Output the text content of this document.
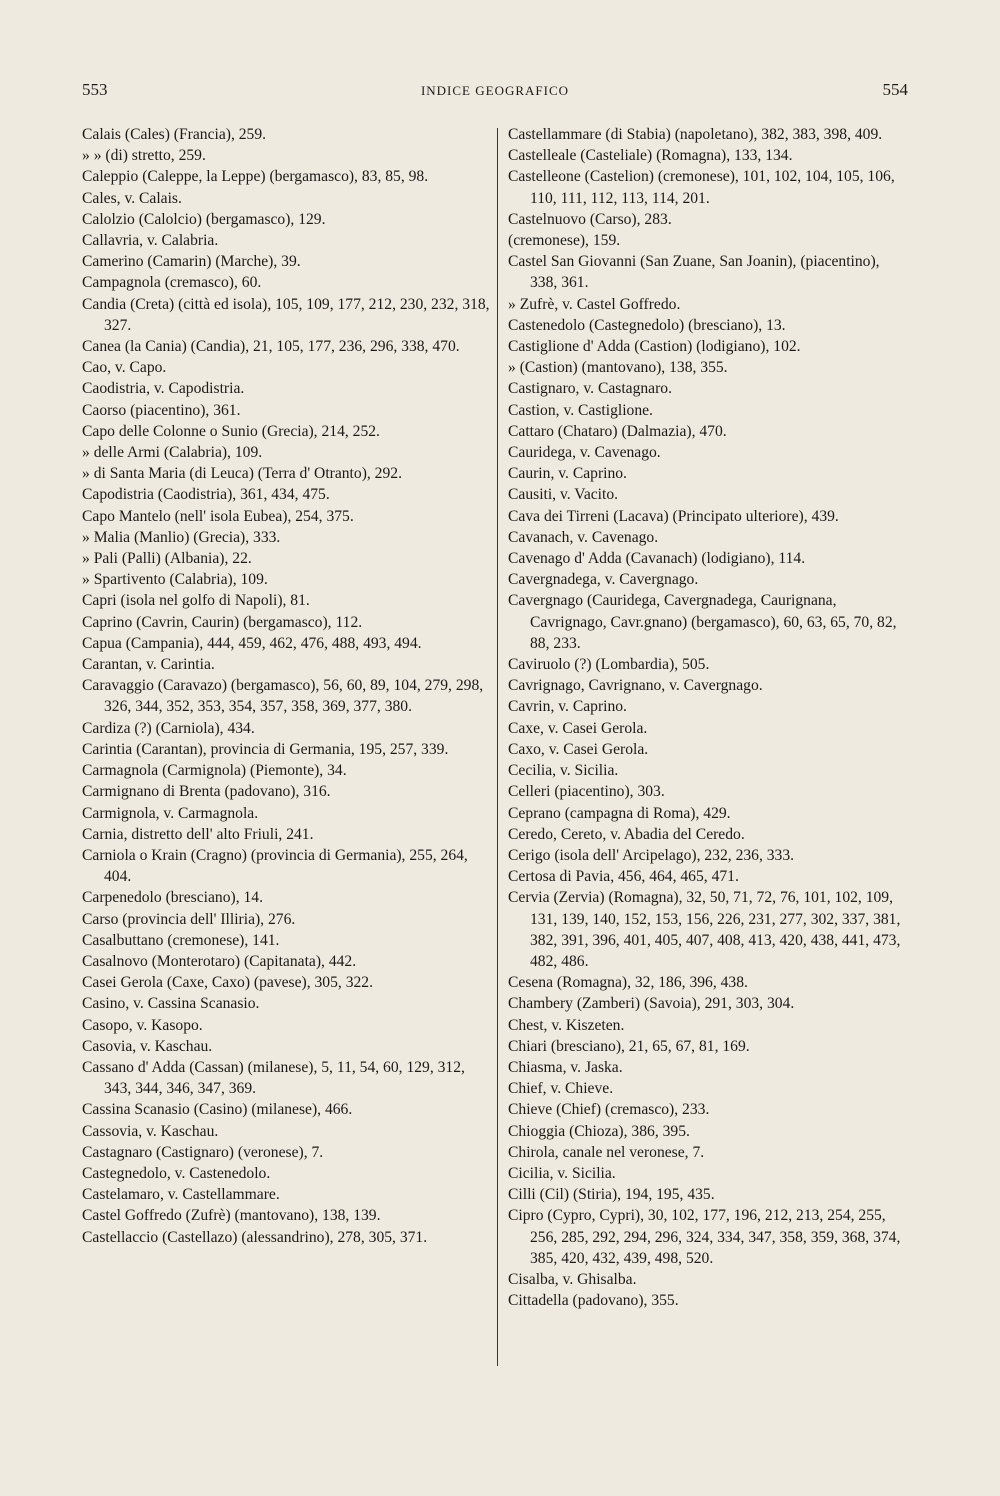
553	INDICE GEOGRAFICO	554

Calais (Cales) (Francia), 259.

» » (di) stretto, 259.

Caleppio (Caleppe, la Leppe) (bergamasco), 83, 85, 98.

Cales, v. Calais.

Calolzio (Calolcio) (bergamasco), 129.

Callavria, v. Calabria.

Camerino (Camarin) (Marche), 39.

Campagnola (cremasco), 60.

Candia (Creta) (città ed isola), 105, 109, 177, 212, 230, 232, 318, 327.

Canea (la Cania) (Candia), 21, 105, 177, 236, 296, 338, 470.

Cao, v. Capo.

Caodistria, v. Capodistria.

Caorso (piacentino), 361.

Capo delle Colonne o Sunio (Grecia), 214, 252.

» delle Armi (Calabria), 109.

» di Santa Maria (di Leuca) (Terra d' Otranto), 292.

Capodistria (Caodistria), 361, 434, 475.

Capo Mantelo (nell' isola Eubea), 254, 375.

» Malia (Manlio) (Grecia), 333.

» Pali (Palli) (Albania), 22.

» Spartivento (Calabria), 109.

Capri (isola nel golfo di Napoli), 81.

Caprino (Cavrin, Caurin) (bergamasco), 112.

Capua (Campania), 444, 459, 462, 476, 488, 493, 494.

Carantan, v. Carintia.

Caravaggio (Caravazo) (bergamasco), 56, 60, 89, 104, 279, 298, 326, 344, 352, 353, 354, 357, 358, 369, 377, 380.

Cardiza (?) (Carniola), 434.

Carintia (Carantan), provincia di Germania, 195, 257, 339.

Carmagnola (Carmignola) (Piemonte), 34.

Carmignano di Brenta (padovano), 316.

Carmignola, v. Carmagnola.

Carnia, distretto dell' alto Friuli, 241.

Carniola o Krain (Cragno) (provincia di Germania), 255, 264, 404.

Carpenedolo (bresciano), 14.

Carso (provincia dell' Illiria), 276.

Casalbuttano (cremonese), 141.

Casalnovo (Monterotaro) (Capitanata), 442.

Casei Gerola (Caxe, Caxo) (pavese), 305, 322.

Casino, v. Cassina Scanasio.

Casopo, v. Kasopo.

Casovia, v. Kaschau.

Cassano d' Adda (Cassan) (milanese), 5, 11, 54, 60, 129, 312, 343, 344, 346, 347, 369.

Cassina Scanasio (Casino) (milanese), 466.

Cassovia, v. Kaschau.

Castagnaro (Castignaro) (veronese), 7.

Castegnedolo, v. Castenedolo.

Castelamaro, v. Castellammare.

Castel Goffredo (Zufrè) (mantovano), 138, 139.

Castellaccio (Castellazo) (alessandrino), 278, 305, 371.

Castellammare (di Stabia) (napoletano), 382, 383, 398, 409.

Castelleale (Casteliale) (Romagna), 133, 134.

Castelleone (Castelion) (cremonese), 101, 102, 104, 105, 106, 110, 111, 112, 113, 114, 201.

Castelnuovo (Carso), 283.

(cremonese), 159.

Castel San Giovanni (San Zuane, San Joanin), (piacentino), 338, 361.

» Zufrè, v. Castel Goffredo.

Castenedolo (Castegnedolo) (bresciano), 13.

Castiglione d' Adda (Castion) (lodigiano), 102.

» (Castion) (mantovano), 138, 355.

Castignaro, v. Castagnaro.

Castion, v. Castiglione.

Cattaro (Chataro) (Dalmazia), 470.

Cauridega, v. Cavenago.

Caurin, v. Caprino.

Causiti, v. Vacito.

Cava dei Tirreni (Lacava) (Principato ulteriore), 439.

Cavanach, v. Cavenago.

Cavenago d' Adda (Cavanach) (lodigiano), 114.

Cavergnadega, v. Cavergnago.

Cavergnago (Cauridega, Cavergnadega, Caurignana, Cavrignago, Cavr.gnano) (bergamasco), 60, 63, 65, 70, 82, 88, 233.

Caviruolo (?) (Lombardia), 505.

Cavrignago, Cavrignano, v. Cavergnago.

Cavrin, v. Caprino.

Caxe, v. Casei Gerola.

Caxo, v. Casei Gerola.

Cecilia, v. Sicilia.

Celleri (piacentino), 303.

Ceprano (campagna di Roma), 429.

Ceredo, Cereto, v. Abadia del Ceredo.

Cerigo (isola dell' Arcipelago), 232, 236, 333.

Certosa di Pavia, 456, 464, 465, 471.

Cervia (Zervia) (Romagna), 32, 50, 71, 72, 76, 101, 102, 109, 131, 139, 140, 152, 153, 156, 226, 231, 277, 302, 337, 381, 382, 391, 396, 401, 405, 407, 408, 413, 420, 438, 441, 473, 482, 486.

Cesena (Romagna), 32, 186, 396, 438.

Chambery (Zamberi) (Savoia), 291, 303, 304.

Chest, v. Kiszeten.

Chiari (bresciano), 21, 65, 67, 81, 169.

Chiasma, v. Jaska.

Chief, v. Chieve.

Chieve (Chief) (cremasco), 233.

Chioggia (Chioza), 386, 395.

Chirola, canale nel veronese, 7.

Cicilia, v. Sicilia.

Cilli (Cil) (Stiria), 194, 195, 435.

Cipro (Cypro, Cypri), 30, 102, 177, 196, 212, 213, 254, 255, 256, 285, 292, 294, 296, 324, 334, 347, 358, 359, 368, 374, 385, 420, 432, 439, 498, 520.

Cisalba, v. Ghisalba.

Cittadella (padovano), 355.
